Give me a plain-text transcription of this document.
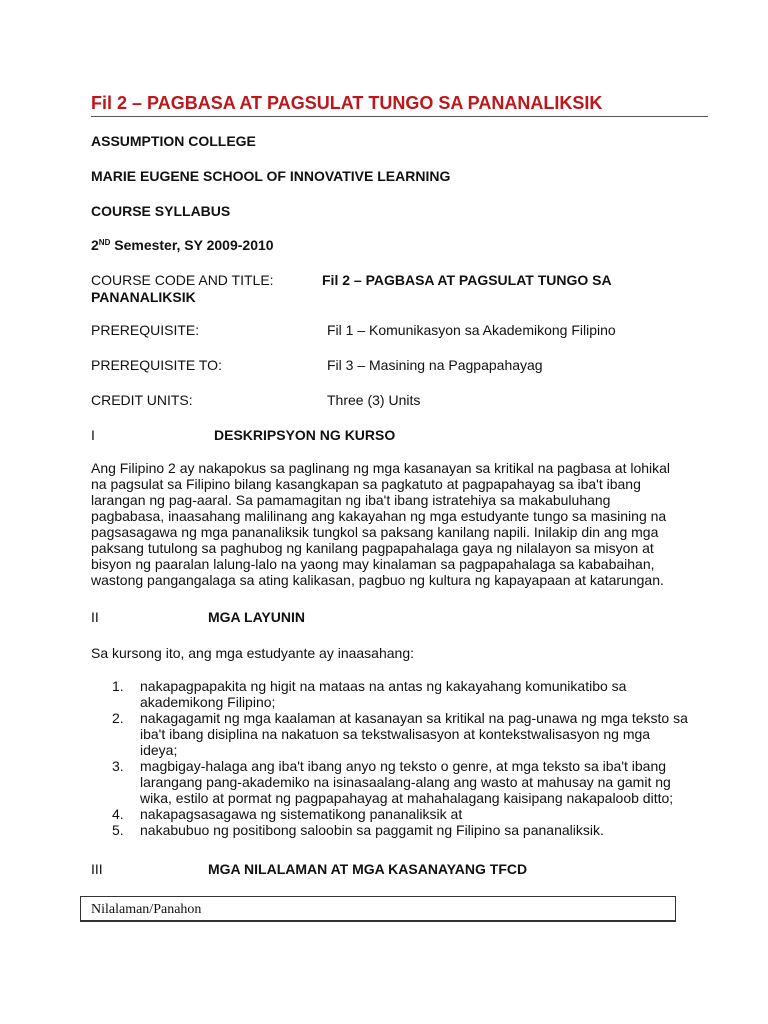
Fil 2 – PAGBASA AT PAGSULAT TUNGO SA PANANALIKSIK
ASSUMPTION COLLEGE
MARIE EUGENE SCHOOL OF INNOVATIVE LEARNING
COURSE SYLLABUS
2ND Semester, SY 2009-2010
COURSE CODE AND TITLE:	Fil 2 – PAGBASA AT PAGSULAT TUNGO SA
PANANALIKSIK
PREREQUISITE:	Fil 1 – Komunikasyon sa Akademikong Filipino
PREREQUISITE TO:	Fil 3 – Masining na Pagpapahayag
CREDIT UNITS:	Three (3) Units
I	DESKRIPSYON NG KURSO
Ang Filipino 2 ay nakapokus sa paglinang ng mga kasanayan sa kritikal na pagbasa at lohikal
na pagsulat sa Filipino bilang kasangkapan sa pagkatuto at pagpapahayag sa iba't ibang
larangan ng pag-aaral. Sa pamamagitan ng iba't ibang istratehiya sa makabuluhang
pagbabasa, inaasahang malilinang ang kakayahan ng mga estudyante tungo sa masining na
pagsasagawa ng mga pananaliksik tungkol sa paksang kanilang napili. Inilakip din ang mga
paksang tutulong sa paghubog ng kanilang pagpapahalaga gaya ng nilalayon sa misyon at
bisyon ng paaralan lalung-lalo na yaong may kinalaman sa pagpapahalaga sa kababaihan,
wastong pangangalaga sa ating kalikasan, pagbuo ng kultura ng kapayapaan at katarungan.
II	MGA LAYUNIN
Sa kursong ito, ang mga estudyante ay inaasahang:
1. nakapagpapakita ng higit na mataas na antas ng kakayahang komunikatibo sa
akademikong Filipino;
2. nakagagamit ng mga kaalaman at kasanayan sa kritikal na pag-unawa ng mga teksto sa
iba't ibang disiplina na nakatuon sa tekstwalisasyon at kontekstwalisasyon ng mga
ideya;
3. magbigay-halaga ang iba't ibang anyo ng teksto o genre, at mga teksto sa iba't ibang
larangang pang-akademiko na isinasaalang-alang ang wasto at mahusay na gamit ng
wika, estilo at pormat ng pagpapahayag at mahahalagang kaisipang nakapaloob ditto;
4. nakapagsasagawa ng sistematikong pananaliksik at
5. nakabubuo ng positibong saloobin sa paggamit ng Filipino sa pananaliksik.
III	MGA NILALAMAN AT MGA KASANAYANG TFCD
Nilalaman/Panahon
